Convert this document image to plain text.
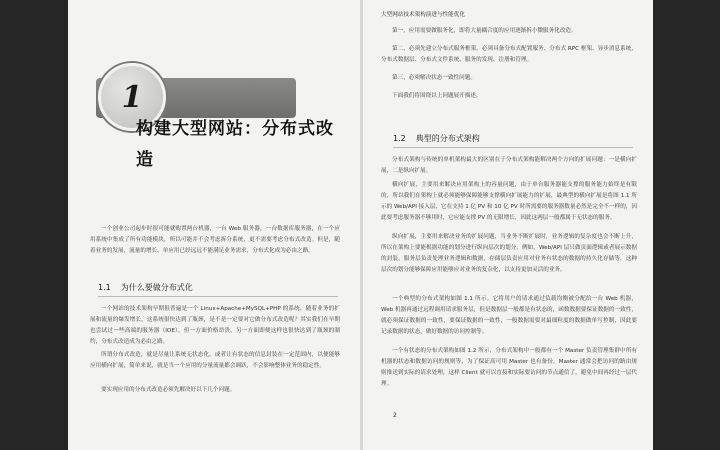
1
构建大型网站：分布式改造

一个创业公司起步时很可能就购置两台机器，一台 Web 服务器，一台数据库服务器，在一个应用系统中集成了所有功能模块，所以可能并不会考虑拆分系统，更不需要考虑分布式改造。但是，随着业务的发展，流量的增长，单应用已经远远不能满足业务需求，分布式化成为必由之路。

1.1 为什么要做分布式化

一个网站的技术架构早期很普遍是一个 Linux+Apache+MySQL+PHP 的系统，随着业务的扩展和流量的爆发增长，这系统很快达到了瓶颈，是不是一定要对它做分布式改造呢？其实我们在早期也尝试过一些高端的服务器（IOE），但一方面价格昂贵，另一方面即便这样也很快达到了瓶颈的制约，分布式改造成为必由之路。

所谓分布式改造，就是尽量让系统无状态化，或者让有状态的信息封装在一定范围内，以便能够应用横向扩展，简单来说，就是当一个应用的分量流量都会调跃，不会影响整体业务的稳定性。

要实现应用的分布式改造必须先解决好以下几个问题。

大型网站技术架构演进与性能优化

第一，应用需要做服务化，即将大量耦合度的应用逐渐拆小微服务化改造。

第二，必须先建立分布式服务框架，必须具备分布式配置服务、分布式 RPC 框架、异步消息系统、分布式数据层、分布式文件系统、服务的发现、注册和管理。

第三，必须解决状态一致性问题。

下面我们将围绕以上问题展开描述。

1.2 典型的分布式架构

分布式架构与传统的单机架构最大的区别在于分布式架构能解决两个方向的扩展问题：一是横向扩展，二是纵向扩展。

横向扩展，主要用来解决应用架构上的容量问题，由于单台服务器能支撑的服务能力始终是有限的，所以我们在架构上就必须能够保障能够支撑横向扩展能力的扩展，最典型的横向扩展是将图 1.1 所示的 Web/API 接入层，它在支持 1 亿 PV 和 10 亿 PV 时所需要的服务器数量必然是完全不一样的，因此要考虑服务器不够用时，它应能支撑 PV 的无限增长，因此这两层一般都属于无状态的服务。

纵向扩展，主要用来解决业务的扩展问题，当业务不断扩展时，业务逻辑的复杂度也会不断上升，所以在架构上要能根据功能的划分进行纵向层次的划分，例如，Web/API 层只做页面逻辑或者展示数据的封装，服务层负责处理业务逻辑和数据，存储层负责应用对业务有状态的数据的持久化存储等，这种层次的划分能够保障应用能够应对业务的复杂化，以支持更加灵活的业务。

一个典型的分布式架构如图 1.1 所示。它将用户的请求通过负载均衡被分配给一台 Web 机器，Web 机器再通过远程调用请求服务层，但是数据层一般都是有状态的，函数数据要保证数据的一致性，就必须保证数据的一致性，要保证数据的一致性，一般数据需要对最细粒度的数据做单写控制，因此要记录数据的状态，做好数据的访问控制等。

一个有状态的分布式架构如图 1.2 所示，分布式架构中一般都有一个 Master 负责管理集群中所有机器的状态和数据访问的规则等，为了保证高可用 Master 也有备份，Master 通常会把访问的路由规则推送到实际的请求处理，这样 Client 就可以直接和实际要访问的节点通信了，避免中间再经过一层代理。

2
